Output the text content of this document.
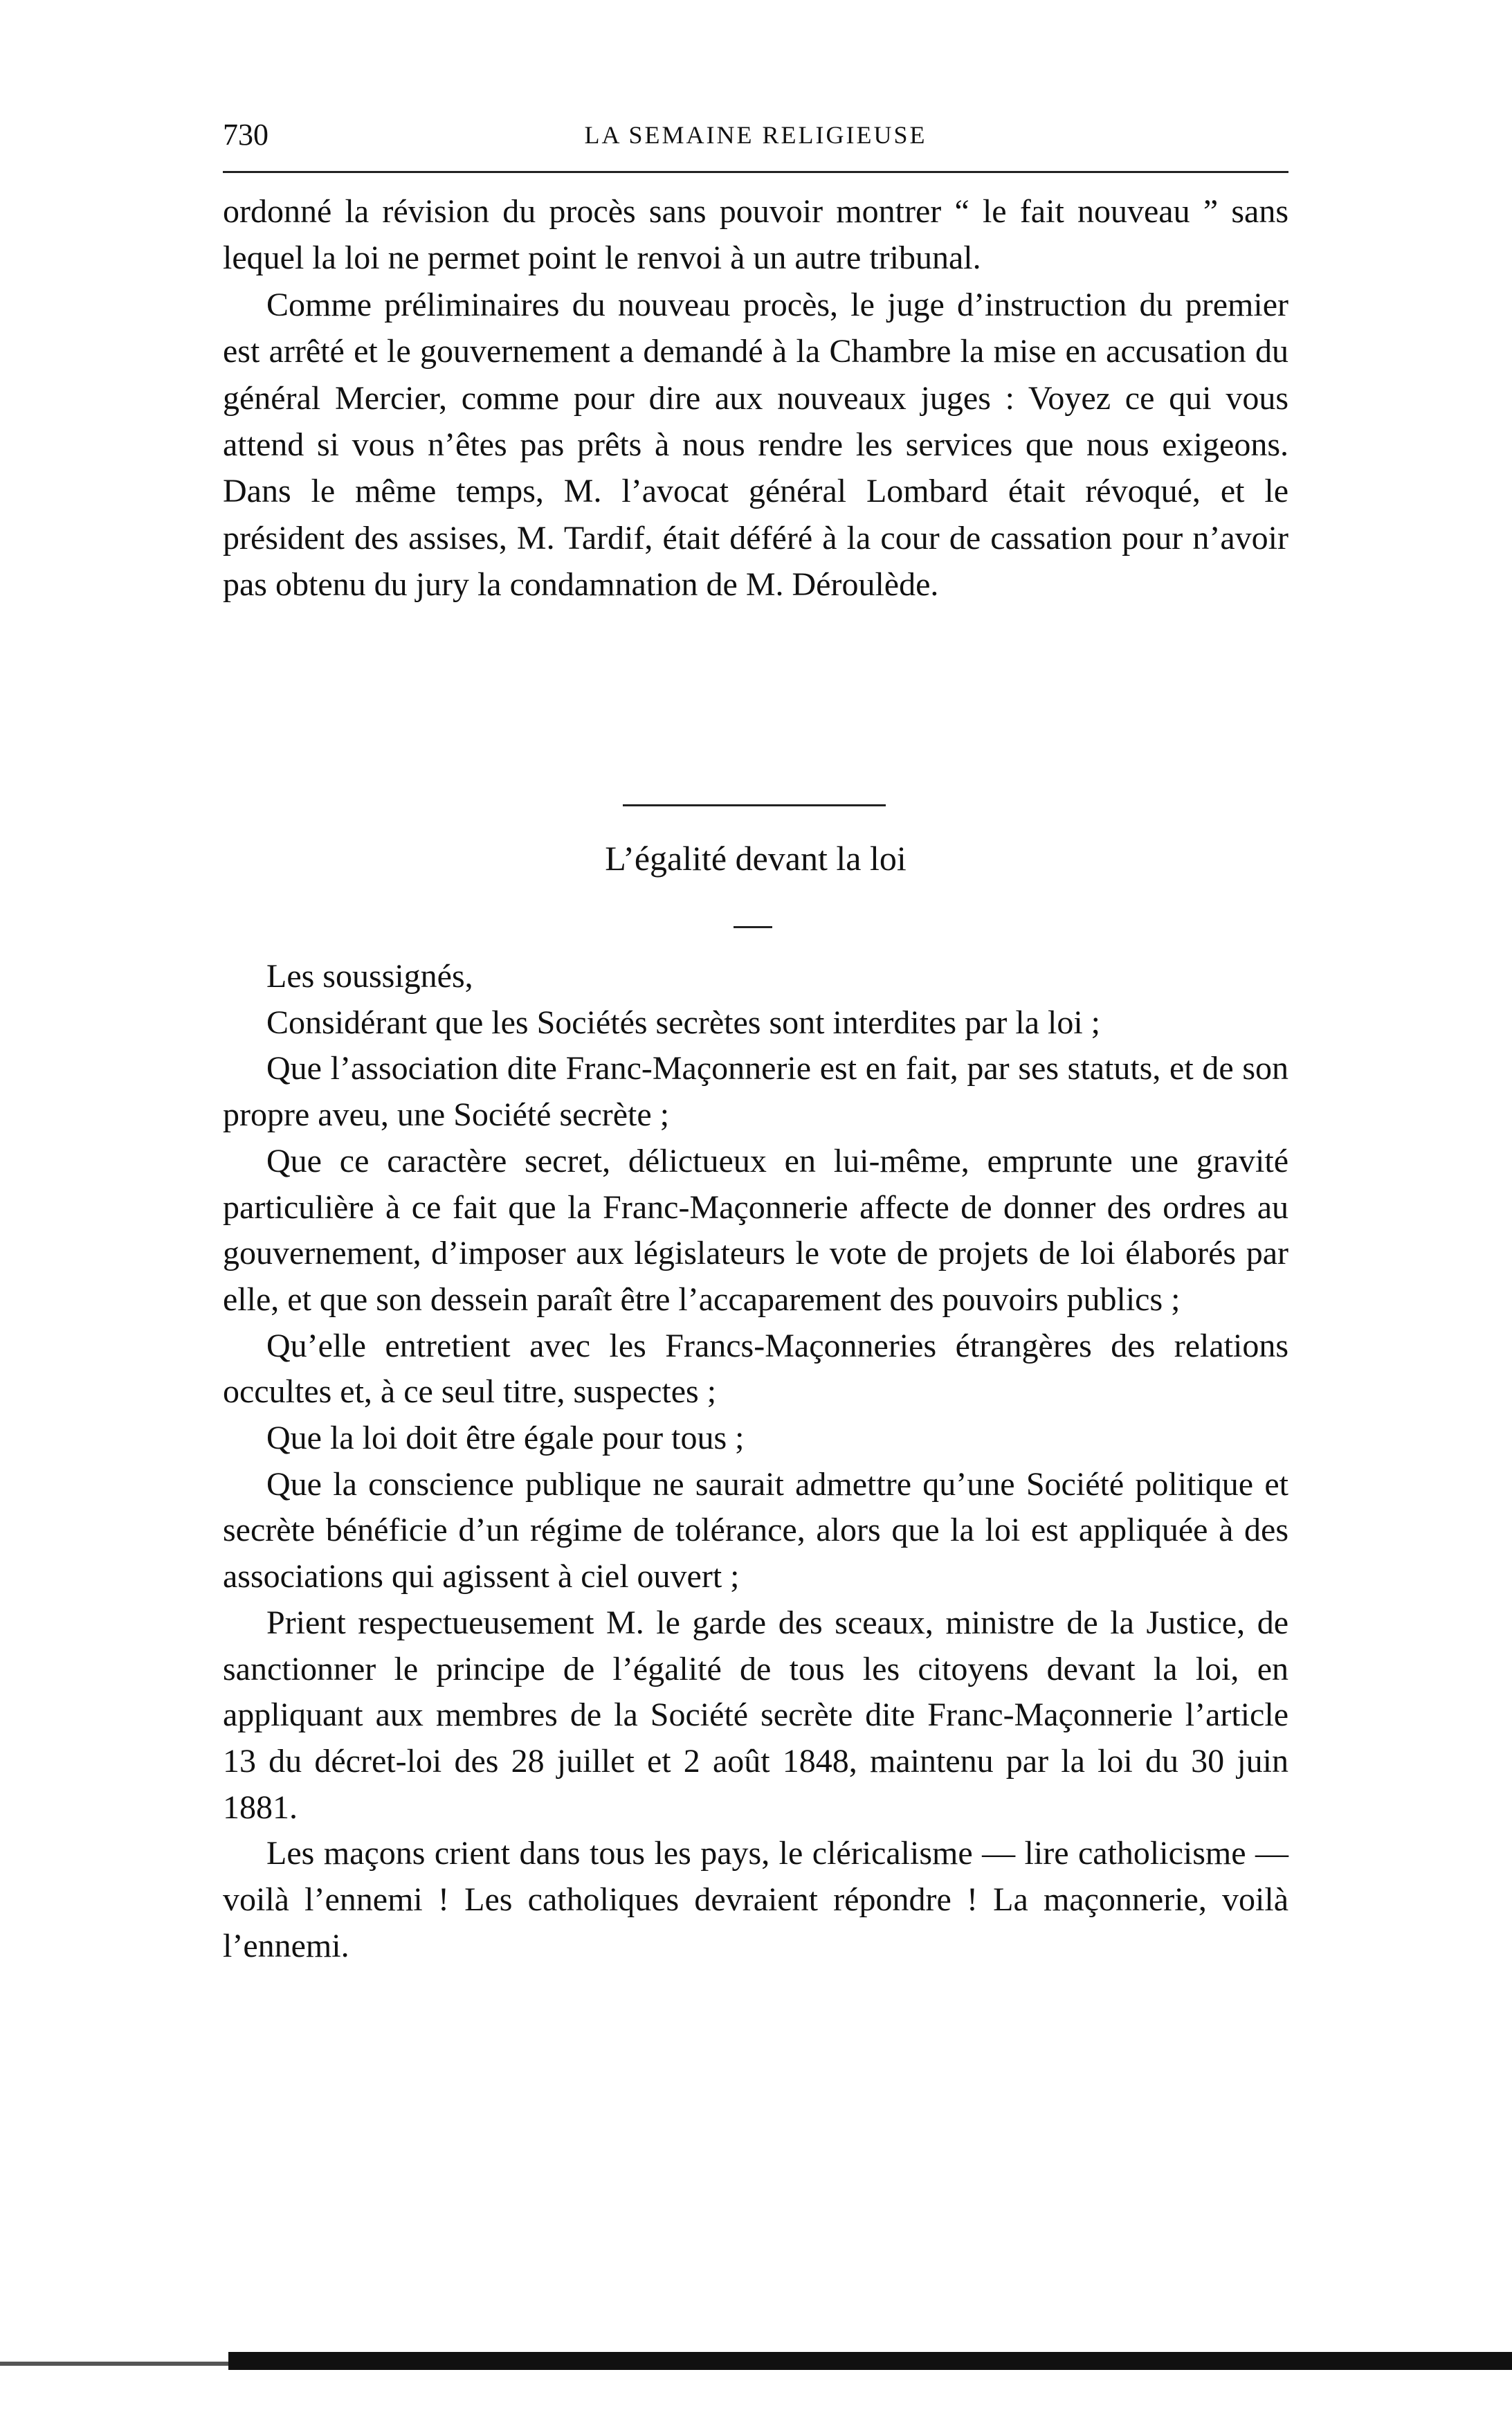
730	LA SEMAINE RELIGIEUSE

ordonné la révision du procès sans pouvoir montrer “ le fait nouveau ” sans lequel la loi ne permet point le renvoi à un autre tribunal.

Comme préliminaires du nouveau procès, le juge d’instruction du premier est arrêté et le gouvernement a demandé à la Chambre la mise en accusation du général Mercier, comme pour dire aux nouveaux juges : Voyez ce qui vous attend si vous n’êtes pas prêts à nous rendre les services que nous exigeons. Dans le même temps, M. l’avocat général Lombard était révoqué, et le président des assises, M. Tardif, était déféré à la cour de cassation pour n’avoir pas obtenu du jury la condamnation de M. Déroulède.

L’égalité devant la loi

Les soussignés,

Considérant que les Sociétés secrètes sont interdites par la loi ;

Que l’association dite Franc-Maçonnerie est en fait, par ses statuts, et de son propre aveu, une Société secrète ;

Que ce caractère secret, délictueux en lui-même, emprunte une gravité particulière à ce fait que la Franc-Maçonnerie affecte de donner des ordres au gouvernement, d’imposer aux législateurs le vote de projets de loi élaborés par elle, et que son dessein paraît être l’accaparement des pouvoirs publics ;

Qu’elle entretient avec les Francs-Maçonneries étrangères des relations occultes et, à ce seul titre, suspectes ;

Que la loi doit être égale pour tous ;

Que la conscience publique ne saurait admettre qu’une Société politique et secrète bénéficie d’un régime de tolérance, alors que la loi est appliquée à des associations qui agissent à ciel ouvert ;

Prient respectueusement M. le garde des sceaux, ministre de la Justice, de sanctionner le principe de l’égalité de tous les citoyens devant la loi, en appliquant aux membres de la Société secrète dite Franc-Maçonnerie l’article 13 du décret-loi des 28 juillet et 2 août 1848, maintenu par la loi du 30 juin 1881.

Les maçons crient dans tous les pays, le cléricalisme — lire catholicisme — voilà l’ennemi ! Les catholiques devraient répondre ! La maçonnerie, voilà l’ennemi.
